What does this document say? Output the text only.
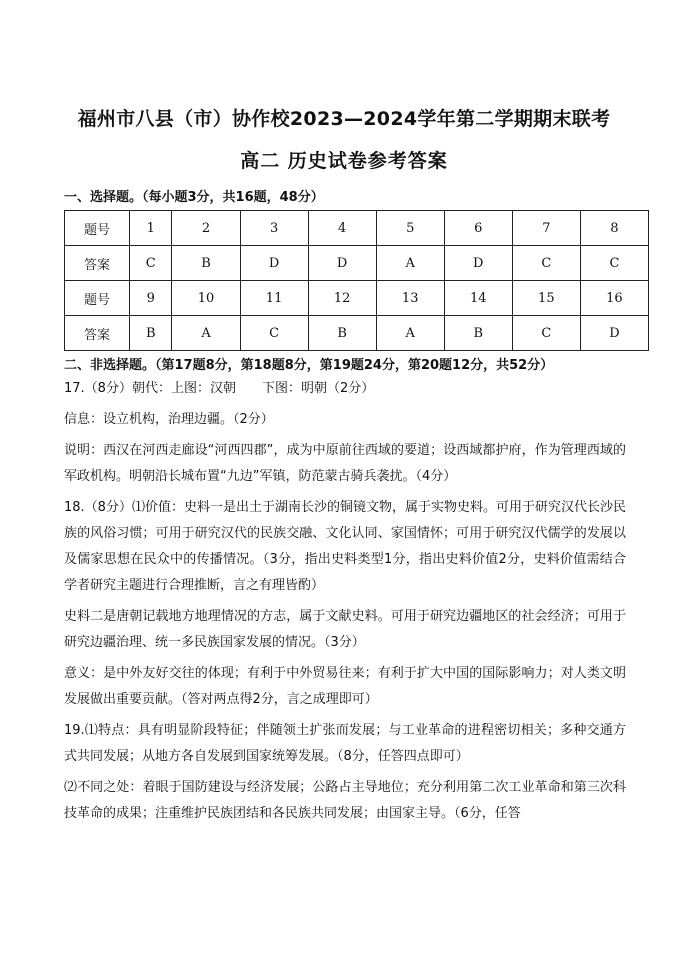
福州市八县（市）协作校2023—2024学年第二学期期末联考
高二 历史试卷参考答案
一、选择题。（每小题3分，共16题，48分）
题号	1	2	3	4	5	6	7	8
答案	C	B	D	D	A	D	C	C
题号	9	10	11	12	13	14	15	16
答案	B	A	C	B	A	B	C	D
二、非选择题。（第17题8分，第18题8分，第19题24分，第20题12分，共52分）

17.（8分）朝代：上图：汉朝　　下图：明朝（2分）

信息：设立机构，治理边疆。（2分）

说明：西汉在河西走廊设“河西四郡”，成为中原前往西域的要道；设西域都护府，作为管理西域的军政机构。明朝沿长城布置“九边”军镇，防范蒙古骑兵袭扰。（4分）

18.（8分）⑴价值：史料一是出土于湖南长沙的铜镜文物，属于实物史料。可用于研究汉代长沙民族的风俗习惯；可用于研究汉代的民族交融、文化认同、家国情怀；可用于研究汉代儒学的发展以及儒家思想在民众中的传播情况。（3分，指出史料类型1分，指出史料价值2分，史料价值需结合学者研究主题进行合理推断，言之有理皆酌）

史料二是唐朝记载地方地理情况的方志，属于文献史料。可用于研究边疆地区的社会经济；可用于研究边疆治理、统一多民族国家发展的情况。（3分）

意义：是中外友好交往的体现；有利于中外贸易往来；有利于扩大中国的国际影响力；对人类文明发展做出重要贡献。（答对两点得2分，言之成理即可）

19.⑴特点：具有明显阶段特征；伴随领土扩张而发展；与工业革命的进程密切相关；多种交通方式共同发展；从地方各自发展到国家统筹发展。（8分，任答四点即可）

⑵不同之处：着眼于国防建设与经济发展；公路占主导地位；充分利用第二次工业革命和第三次科技革命的成果；注重维护民族团结和各民族共同发展；由国家主导。（6分，任答
